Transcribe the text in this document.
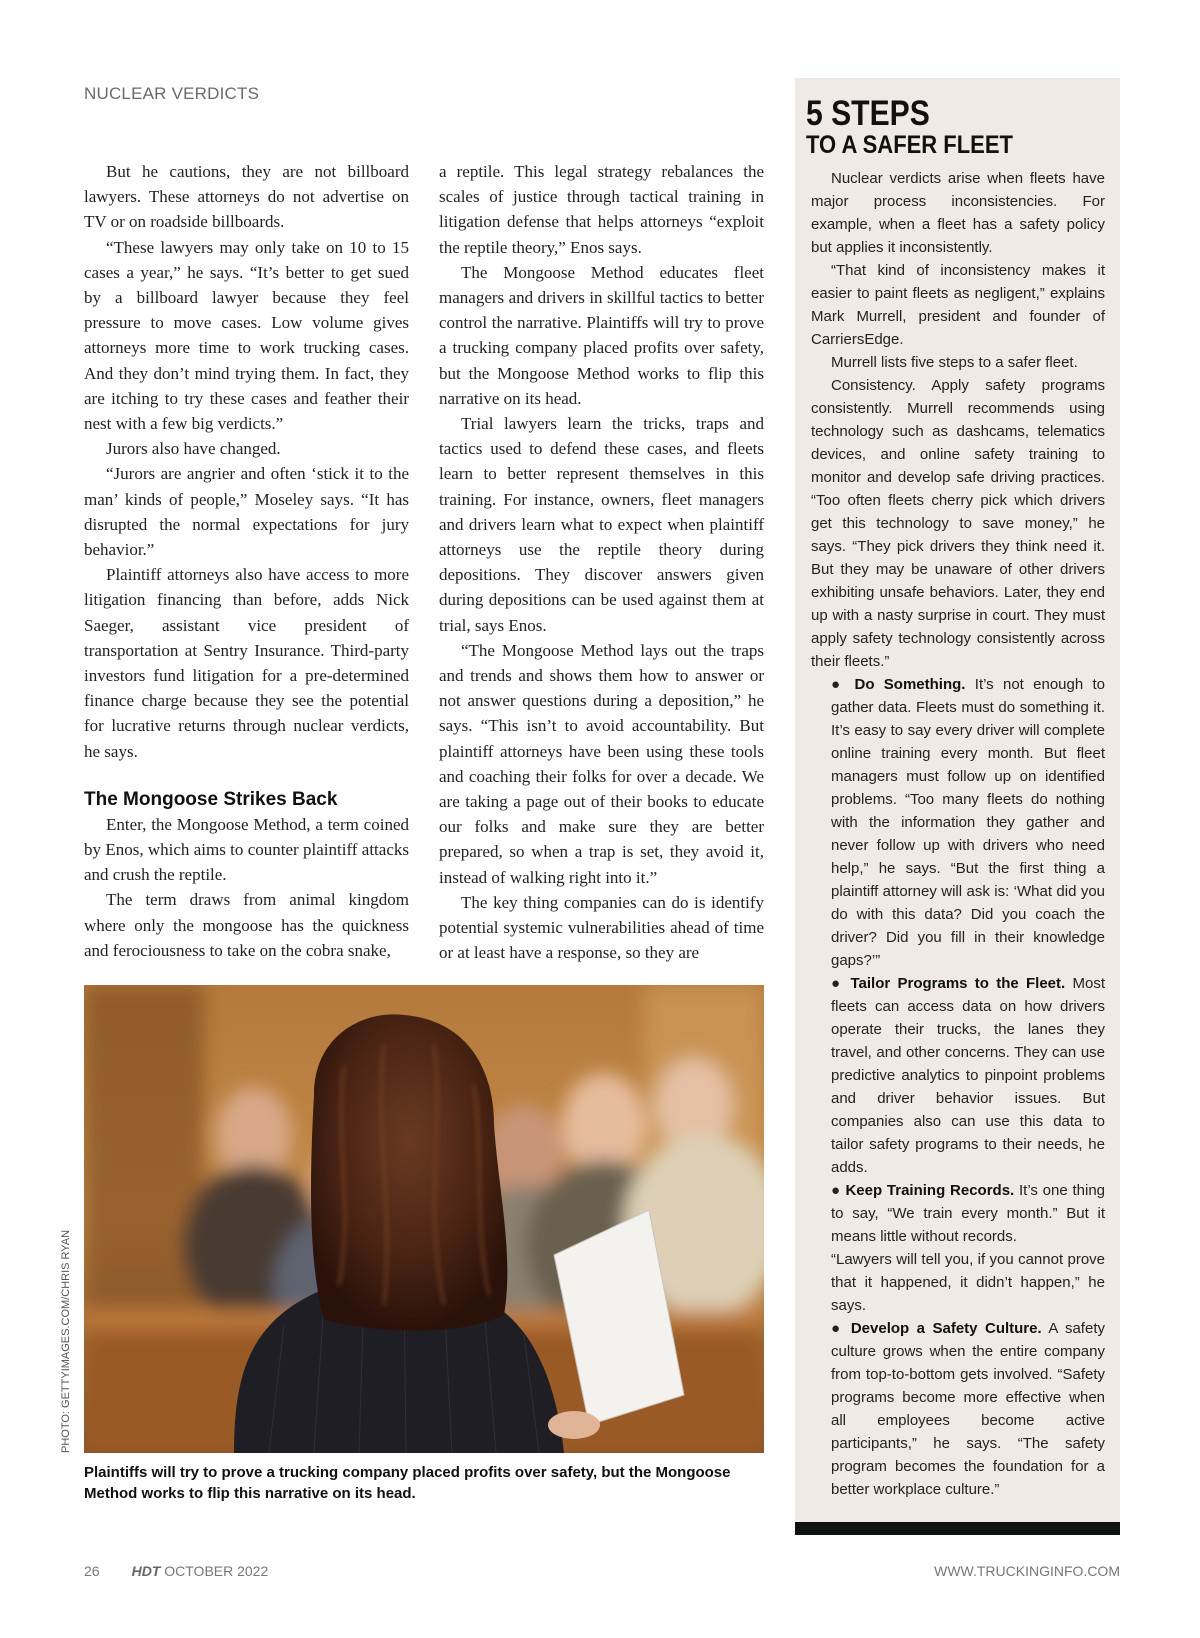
NUCLEAR VERDICTS

But he cautions, they are not billboard lawyers. These attorneys do not advertise on TV or on roadside billboards.

“These lawyers may only take on 10 to 15 cases a year,” he says. “It’s better to get sued by a billboard lawyer because they feel pressure to move cases. Low volume gives attorneys more time to work trucking cases. And they don’t mind trying them. In fact, they are itching to try these cases and feather their nest with a few big verdicts.”

Jurors also have changed.

“Jurors are angrier and often ‘stick it to the man’ kinds of people,” Moseley says. “It has disrupted the normal expectations for jury behavior.”

Plaintiff attorneys also have access to more litigation financing than before, adds Nick Saeger, assistant vice president of transportation at Sentry Insurance. Third-party investors fund litigation for a pre-determined finance charge because they see the potential for lucrative returns through nuclear verdicts, he says.

The Mongoose Strikes Back

Enter, the Mongoose Method, a term coined by Enos, which aims to counter plaintiff attacks and crush the reptile.

The term draws from animal kingdom where only the mongoose has the quickness and ferociousness to take on the cobra snake,

a reptile. This legal strategy rebalances the scales of justice through tactical training in litigation defense that helps attorneys “exploit the reptile theory,” Enos says.

The Mongoose Method educates fleet managers and drivers in skillful tactics to better control the narrative. Plaintiffs will try to prove a trucking company placed profits over safety, but the Mongoose Method works to flip this narrative on its head.

Trial lawyers learn the tricks, traps and tactics used to defend these cases, and fleets learn to better represent themselves in this training. For instance, owners, fleet managers and drivers learn what to expect when plaintiff attorneys use the reptile theory during depositions. They discover answers given during depositions can be used against them at trial, says Enos.

“The Mongoose Method lays out the traps and trends and shows them how to answer or not answer questions during a deposition,” he says. “This isn’t to avoid accountability. But plaintiff attorneys have been using these tools and coaching their folks for over a decade. We are taking a page out of their books to educate our folks and make sure they are better prepared, so when a trap is set, they avoid it, instead of walking right into it.”

The key thing companies can do is identify potential systemic vulnerabilities ahead of time or at least have a response, so they are

PHOTO: GETTYIMAGES.COM/CHRIS RYAN
Plaintiffs will try to prove a trucking company placed profits over safety, but the Mongoose Method works to flip this narrative on its head.
5 STEPS
TO A SAFER FLEET

Nuclear verdicts arise when fleets have major process inconsistencies. For example, when a fleet has a safety policy but applies it inconsistently.

“That kind of inconsistency makes it easier to paint fleets as negligent,” explains Mark Murrell, president and founder of CarriersEdge.

Murrell lists five steps to a safer fleet.

Consistency. Apply safety programs consistently. Murrell recommends using technology such as dashcams, telematics devices, and online safety training to monitor and develop safe driving practices. “Too often fleets cherry pick which drivers get this technology to save money,” he says. “They pick drivers they think need it. But they may be unaware of other drivers exhibiting unsafe behaviors. Later, they end up with a nasty surprise in court. They must apply safety technology consistently across their fleets.”

● Do Something. It’s not enough to gather data. Fleets must do something it. It’s easy to say every driver will complete online training every month. But fleet managers must follow up on identified problems. “Too many fleets do nothing with the information they gather and never follow up with drivers who need help,” he says. “But the first thing a plaintiff attorney will ask is: ‘What did you do with this data? Did you coach the driver? Did you fill in their knowledge gaps?’”

● Tailor Programs to the Fleet. Most fleets can access data on how drivers operate their trucks, the lanes they travel, and other concerns. They can use predictive analytics to pinpoint problems and driver behavior issues. But companies also can use this data to tailor safety programs to their needs, he adds.

● Keep Training Records. It’s one thing to say, “We train every month.” But it means little without records.

“Lawyers will tell you, if you cannot prove that it happened, it didn’t happen,” he says.

● Develop a Safety Culture. A safety culture grows when the entire company from top-to-bottom gets involved. “Safety programs become more effective when all employees become active participants,” he says. “The safety program becomes the foundation for a better workplace culture.”

26 HDT OCTOBER 2022	WWW.TRUCKINGINFO.COM
